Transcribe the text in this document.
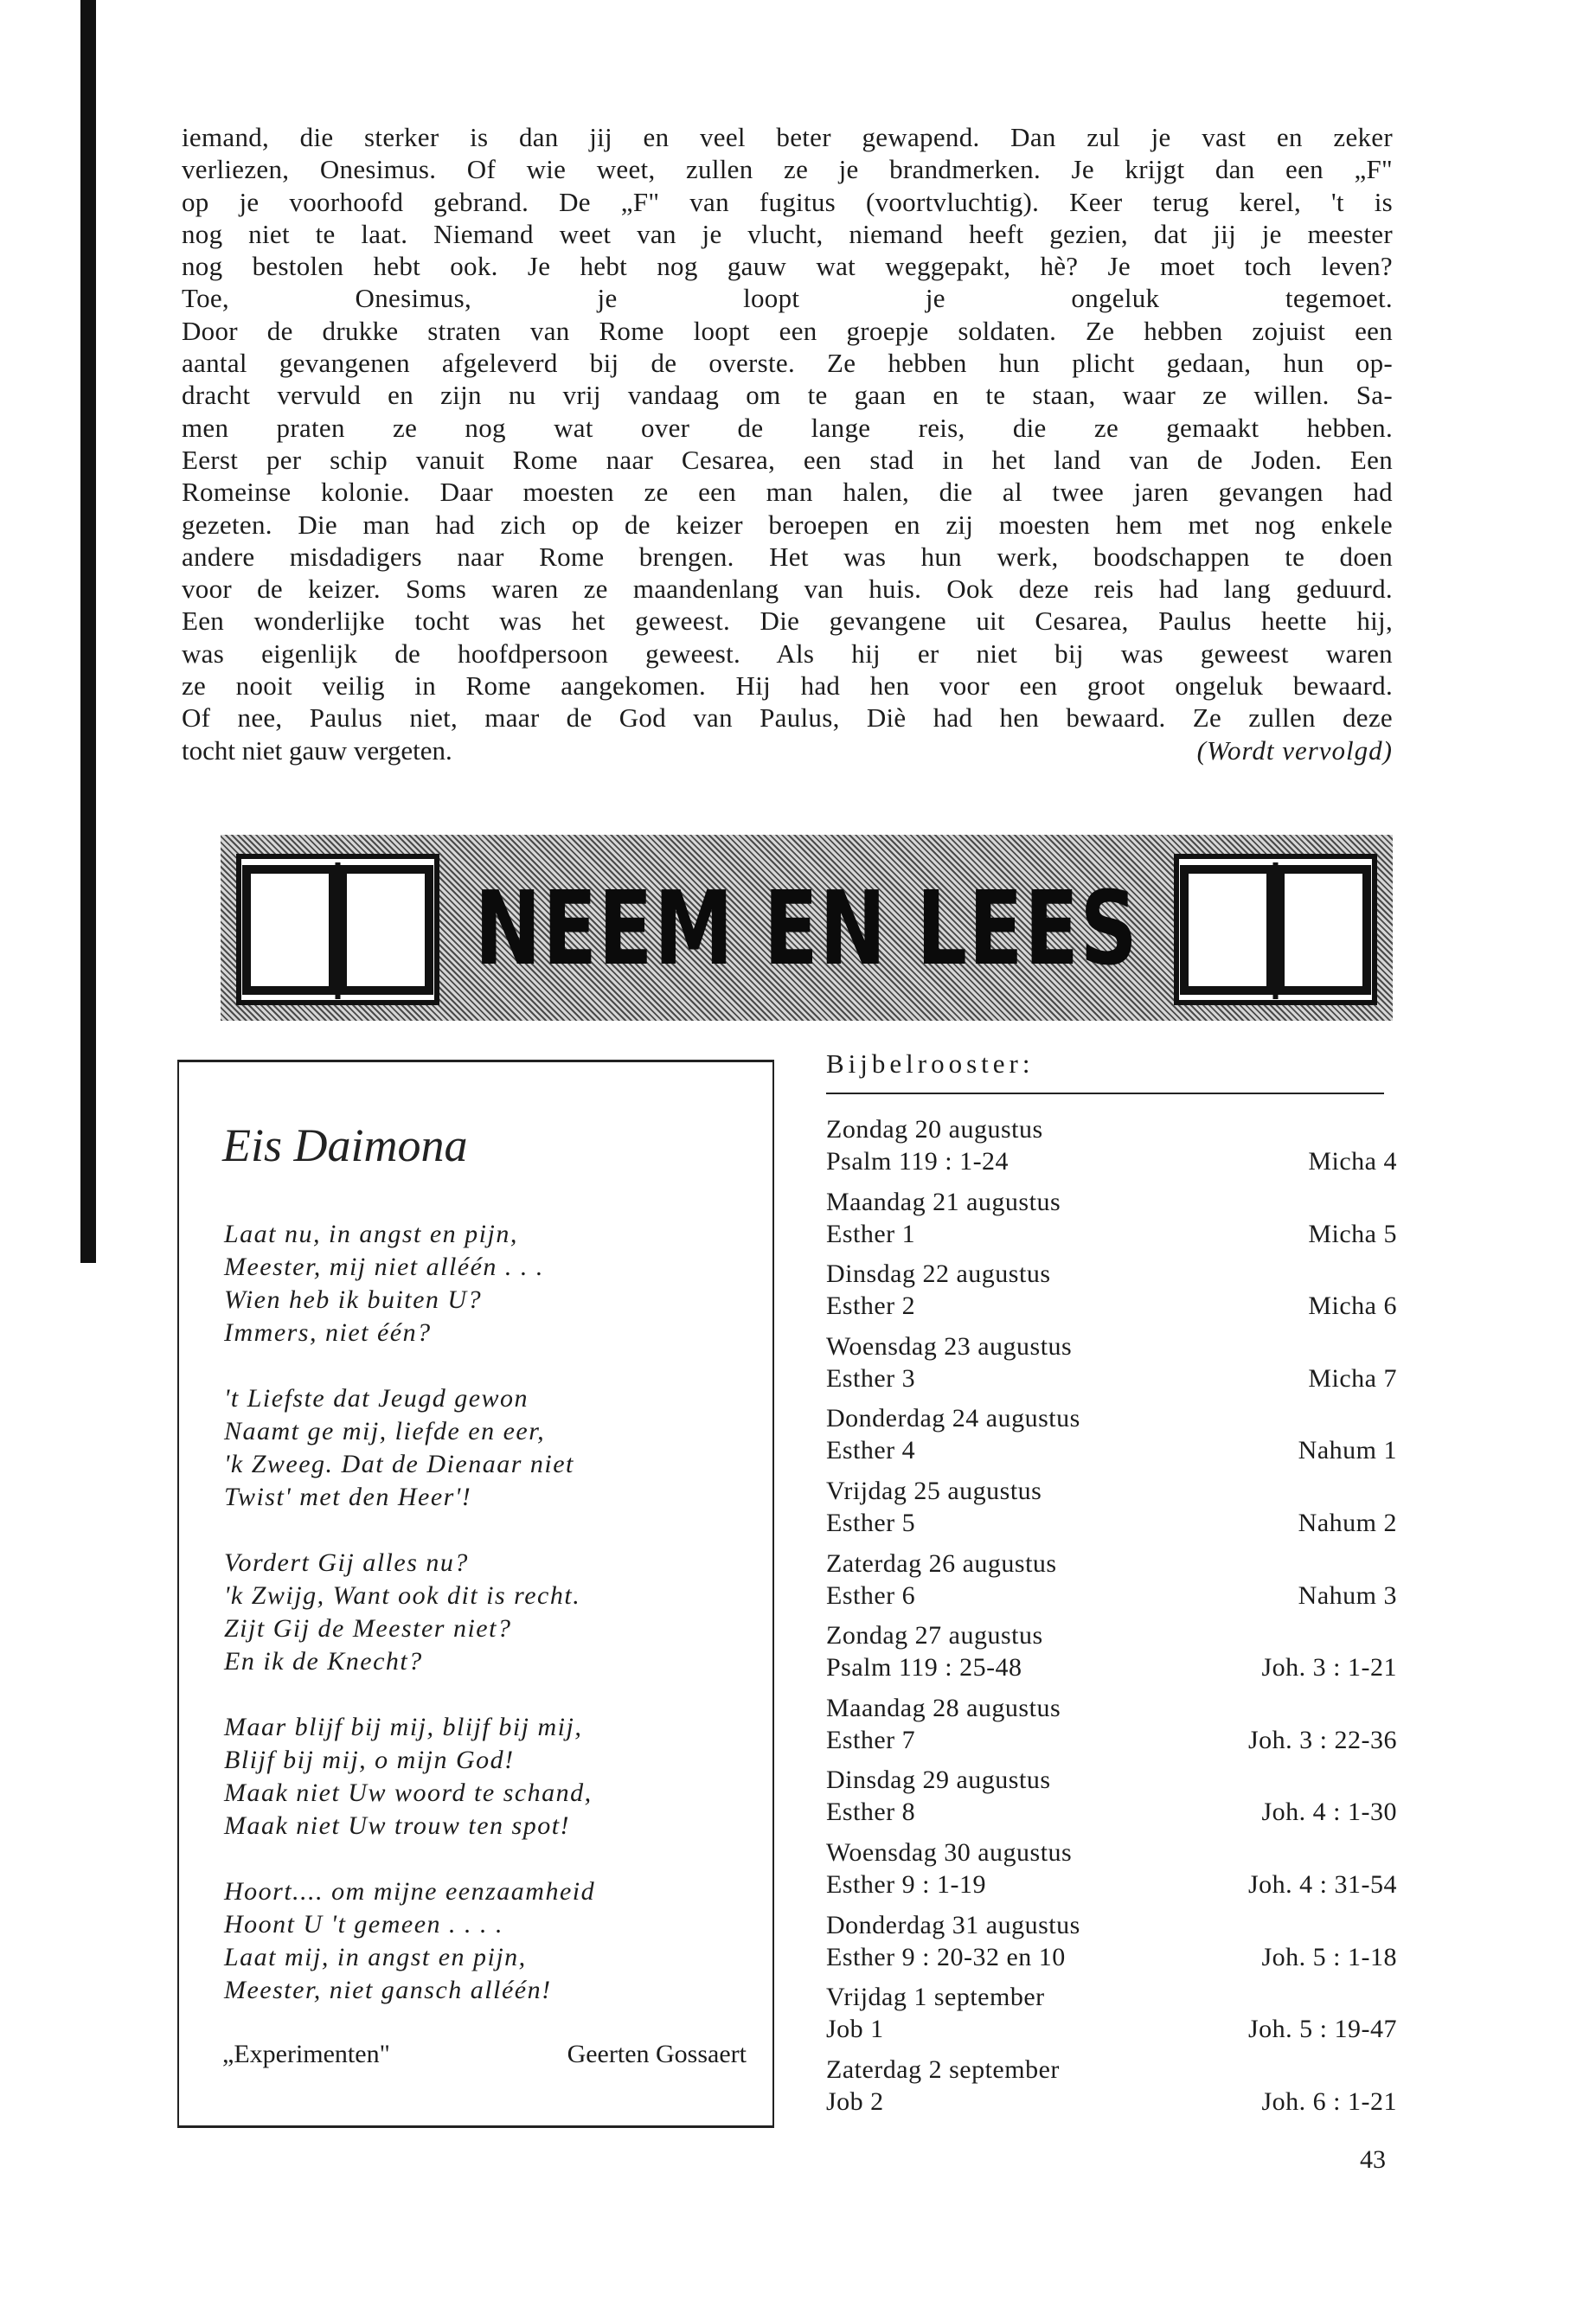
iemand, die sterker is dan jij en veel beter gewapend. Dan zul je vast en zeker
verliezen, Onesimus. Of wie weet, zullen ze je brandmerken. Je krijgt dan een „F"
op je voorhoofd gebrand. De „F" van fugitus (voortvluchtig). Keer terug kerel, 't is
nog niet te laat. Niemand weet van je vlucht, niemand heeft gezien, dat jij je meester
nog bestolen hebt ook. Je hebt nog gauw wat weggepakt, hè? Je moet toch leven?
Toe, Onesimus, je loopt je ongeluk tegemoet.
Door de drukke straten van Rome loopt een groepje soldaten. Ze hebben zojuist een
aantal gevangenen afgeleverd bij de overste. Ze hebben hun plicht gedaan, hun op-
dracht vervuld en zijn nu vrij vandaag om te gaan en te staan, waar ze willen. Sa-
men praten ze nog wat over de lange reis, die ze gemaakt hebben.
Eerst per schip vanuit Rome naar Cesarea, een stad in het land van de Joden. Een
Romeinse kolonie. Daar moesten ze een man halen, die al twee jaren gevangen had
gezeten. Die man had zich op de keizer beroepen en zij moesten hem met nog enkele
andere misdadigers naar Rome brengen. Het was hun werk, boodschappen te doen
voor de keizer. Soms waren ze maandenlang van huis. Ook deze reis had lang geduurd.
Een wonderlijke tocht was het geweest. Die gevangene uit Cesarea, Paulus heette hij,
was eigenlijk de hoofdpersoon geweest. Als hij er niet bij was geweest waren
ze nooit veilig in Rome aangekomen. Hij had hen voor een groot ongeluk bewaard.
Of nee, Paulus niet, maar de God van Paulus, Diè had hen bewaard. Ze zullen deze
tocht niet gauw vergeten.	(Wordt vervolgd)
NEEM EN LEES
Eis Daimona
Laat nu, in angst en pijn,
Meester, mij niet alléén . . .
Wien heb ik buiten U?
Immers, niet één?
't Liefste dat Jeugd gewon
Naamt ge mij, liefde en eer,
'k Zweeg. Dat de Dienaar niet
Twist' met den Heer'!
Vordert Gij alles nu?
'k Zwijg, Want ook dit is recht.
Zijt Gij de Meester niet?
En ik de Knecht?
Maar blijf bij mij, blijf bij mij,
Blijf bij mij, o mijn God!
Maak niet Uw woord te schand,
Maak niet Uw trouw ten spot!
Hoort.... om mijne eenzaamheid
Hoont U 't gemeen . . . .
Laat mij, in angst en pijn,
Meester, niet gansch alléén!
„Experimenten"	Geerten Gossaert
Bijbelrooster:
Zondag 20 augustus
Psalm 119 : 1-24	Micha 4
Maandag 21 augustus
Esther 1	Micha 5
Dinsdag 22 augustus
Esther 2	Micha 6
Woensdag 23 augustus
Esther 3	Micha 7
Donderdag 24 augustus
Esther 4	Nahum 1
Vrijdag 25 augustus
Esther 5	Nahum 2
Zaterdag 26 augustus
Esther 6	Nahum 3
Zondag 27 augustus
Psalm 119 : 25-48	Joh. 3 : 1-21
Maandag 28 augustus
Esther 7	Joh. 3 : 22-36
Dinsdag 29 augustus
Esther 8	Joh. 4 : 1-30
Woensdag 30 augustus
Esther 9 : 1-19	Joh. 4 : 31-54
Donderdag 31 augustus
Esther 9 : 20-32 en 10	Joh. 5 : 1-18
Vrijdag 1 september
Job 1	Joh. 5 : 19-47
Zaterdag 2 september
Job 2	Joh. 6 : 1-21
43
